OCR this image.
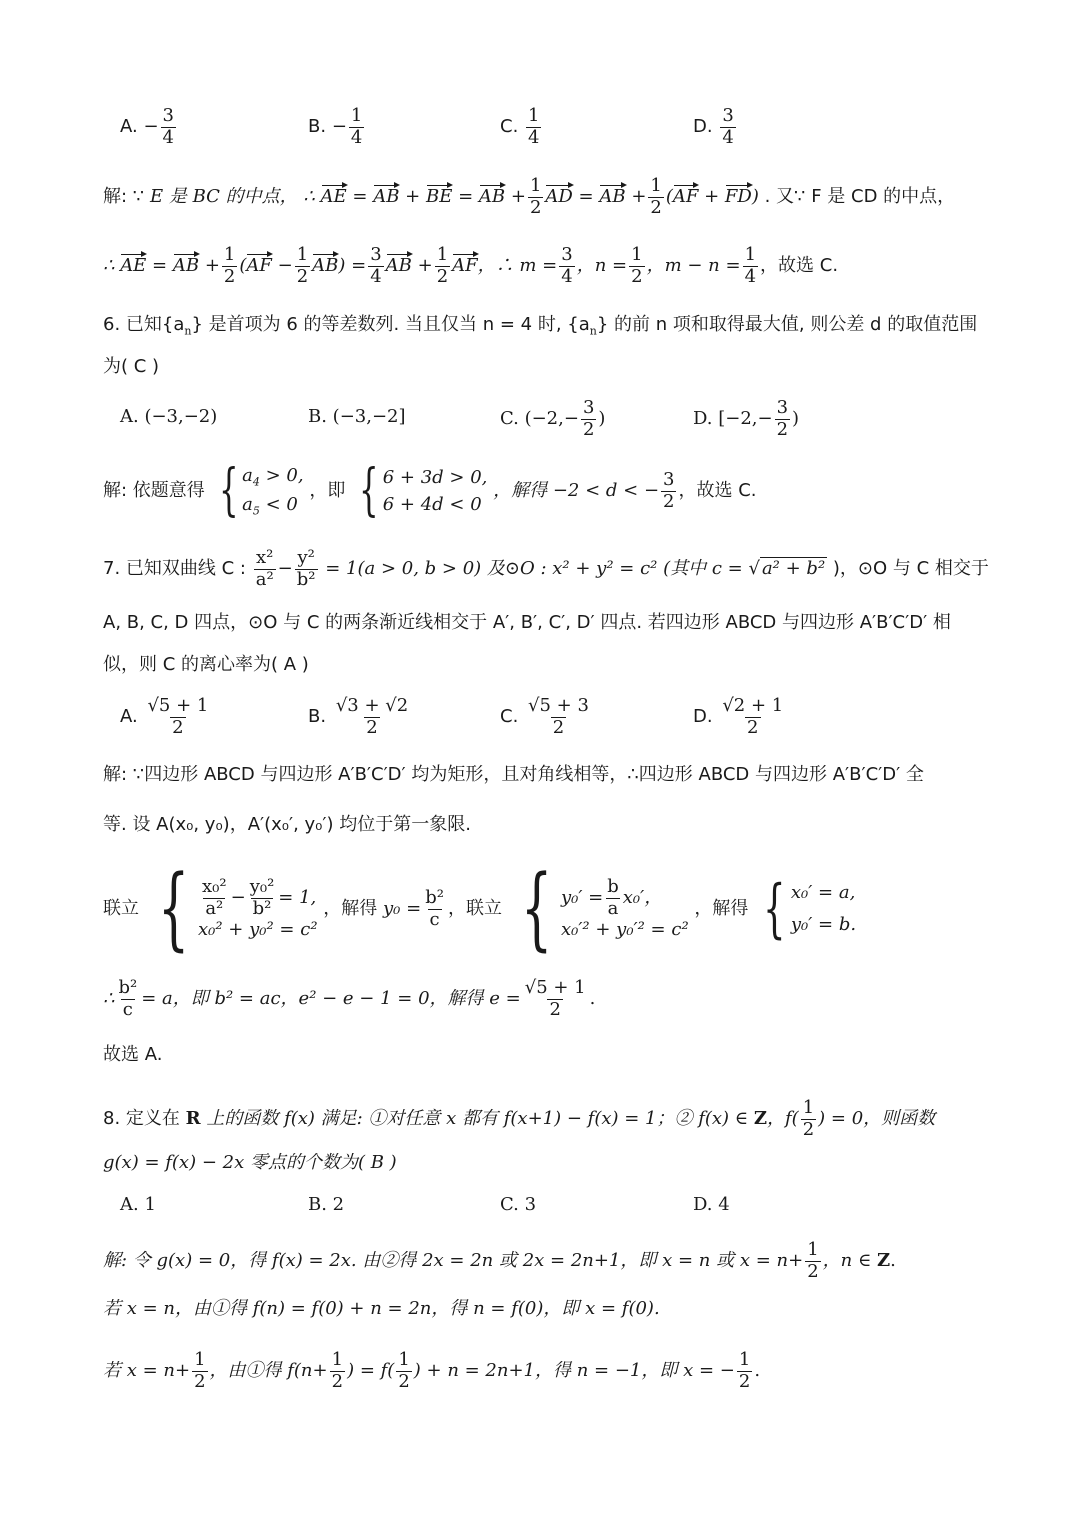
A. − $\frac{3}{4}$	B. − $\frac{1}{4}$	C. $\frac{1}{4}$	D. $\frac{3}{4}$
解: ∵ E 是 BC 的中点， ∴ AE = AB + BE = AB + $\frac{1}{2}$ AD = AB + $\frac{1}{2} (AF + FD)$ . 又∵ F 是 CD 的中点，
∴ AE = AB + $\frac{1}{2} (AF - \frac{1}{2} AB) = \frac{3}{4}$ AB + $\frac{1}{2}$ AF，∴ $m = \frac{3}{4}$ ，$n = \frac{1}{2}$ ，$m - n = \frac{1}{4}$ ，故选 C.
6. 已知$\{a_n\}$ 是首项为 6 的等差数列. 当且仅当 n = 4 时, $\{a_n\}$ 的前 n 项和取得最大值, 则公差 d 的取值范围
为( C )
A. (−3,−2)	B. (−3,−2]	C. ($-2,- \frac{3}{2}$ )	D. [$-2,- \frac{3}{2}$ )
解: 依题意得 { $a_4 > 0$,
$a_5 < 0$
，即 { 6 + 3d > 0,
6 + 4d < 0
，解得 −2 < d < − $\frac{3}{2}$ ，故选 C.
7. 已知双曲线 C : $\frac{\text{x²}}{\text{a²}} - \frac{\text{y²}}{\text{b²}} = 1(a > 0$, b > 0) 及⊙O : x² + y² = c² (其中 c = √ a² + b² )，⊙O 与 C 相交于
A, B, C, D 四点，⊙O 与 C 的两条渐近线相交于 A′, B′, C′, D′ 四点. 若四边形 ABCD 与四边形 A′B′C′D′ 相
似，则 C 的离心率为( A )
A. $\frac{√5 + 1}{2}$	B. $\frac{√3 + √2}{2}$	C. $\frac{√5 + 3}{2}$	D. $\frac{√2 + 1}{2}$
解: ∵四边形 ABCD 与四边形 A′B′C′D′ 均为矩形，且对角线相等，∴四边形 ABCD 与四边形 A′B′C′D′ 全
等. 设 A(x₀, y₀)，A′(x₀′, y₀′) 均位于第一象限.
联立 { $\frac{\text{x₀²}}{\text{a²}} - \frac{\text{y₀²}}{\text{b²}} = 1$,
x₀² + y₀² = c²
，解得 $y_0 = \frac{\text{b²}}{c}$ ，联立 { $y_0' = \frac{b}{a} x_0'$，
x₀′² + y₀′² = c²
，解得 { x₀′ = a,
y₀′ = b.
∴ $\frac{\text{b²}}{c} = a$，即 b² = ac，e² − e − 1 = 0，解得 $e = \frac{√5 + 1}{2}$ .
故选 A.
8. 定义在 R 上的函数 f(x) 满足: ①对任意 x 都有 f(x+1) − f(x) = 1；② f(x) ∈ Z，$f( \frac{1}{2}$ ) = 0，则函数
g(x) = f(x) − 2x 零点的个数为( B )
A. 1	B. 2	C. 3	D. 4
解: 令 g(x) = 0，得 f(x) = 2x. 由②得 2x = 2n 或 2x = 2n+1，即 x = n 或 $x = n+ \frac{1}{2}$ ，n ∈ Z.
若 x = n，由①得 f(n) = f(0) + n = 2n，得 n = f(0)，即 x = f(0).
若 $x = n+ \frac{1}{2}$ ，由①得 $f(n+ \frac{1}{2}$ ) = $f( \frac{1}{2}$ ) + n = 2n+1，得 n = −1，即 x = − $\frac{1}{2}$ .
